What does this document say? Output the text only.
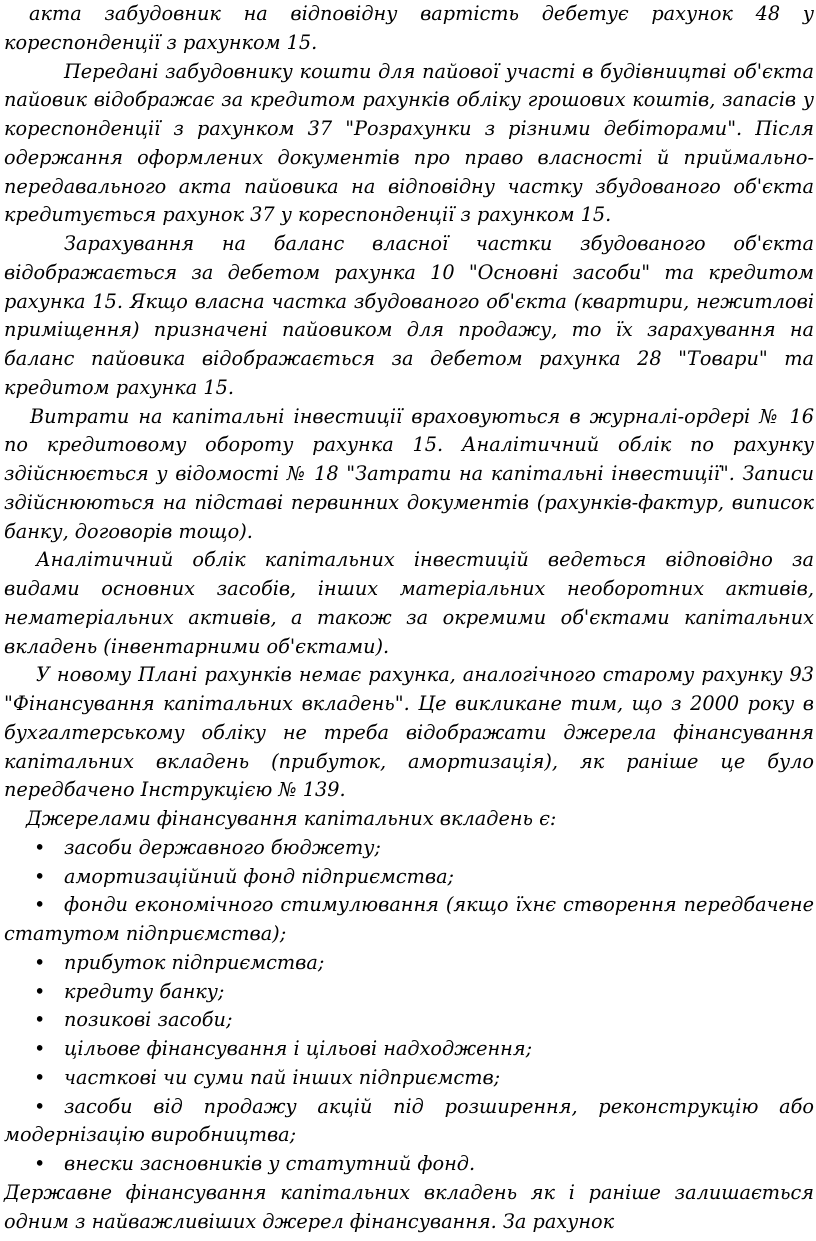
акта забудовник на відповідну вартість дебетує рахунок 48 у кореспонденції з рахунком 15.

Передані забудовнику кошти для пайової участі в будівництві об'єкта пайовик відображає за кредитом рахунків обліку грошових коштів, запасів у кореспонденції з рахунком 37 "Розрахунки з різними дебіторами". Після одержання оформлених документів про право власності й приймально-передавального акта пайовика на відповідну частку збудованого об'єкта кредитується рахунок 37 у кореспонденції з рахунком 15.

Зарахування на баланс власної частки збудованого об'єкта відображається за дебетом рахунка 10 "Основні засоби" та кредитом рахунка 15. Якщо власна частка збудованого об'єкта (квартири, нежитлові приміщення) призначені пайовиком для продажу, то їх зарахування на баланс пайовика відображається за дебетом рахунка 28 "Товари" та кредитом рахунка 15.

Витрати на капітальні інвестиції враховуються в журналі-ордері № 16 по кредитовому обороту рахунка 15. Аналітичний облік по рахунку здійснюється у відомості № 18 "Затрати на капітальні інвестиції". Записи здійснюються на підставі первинних документів (рахунків-фактур, виписок банку, договорів тощо).

Аналітичний облік капітальних інвестицій ведеться відповідно за видами основних засобів, інших матеріальних необоротних активів, нематеріальних активів, а також за окремими об'єктами капітальних вкладень (інвентарними об'єктами).

У новому Плані рахунків немає рахунка, аналогічного старому рахунку 93 "Фінансування капітальних вкладень". Це викликане тим, що з 2000 року в бухгалтерському обліку не треба відображати джерела фінансування капітальних вкладень (прибуток, амортизація), як раніше це було передбачено Інструкцією № 139.

Джерелами фінансування капітальних вкладень є:

• засоби державного бюджету;
• амортизаційний фонд підприємства;
• фонди економічного стимулювання (якщо їхнє створення передбачене статутом підприємства);
• прибуток підприємства;
• кредиту банку;
• позикові засоби;
• цільове фінансування і цільові надходження;
• часткові чи суми пай інших підприємств;
• засоби від продажу акцій під розширення, реконструкцію або модернізацію виробництва;
• внески засновників у статутний фонд.

Державне фінансування капітальних вкладень як і раніше залишається одним з найважливіших джерел фінансування. За рахунок
